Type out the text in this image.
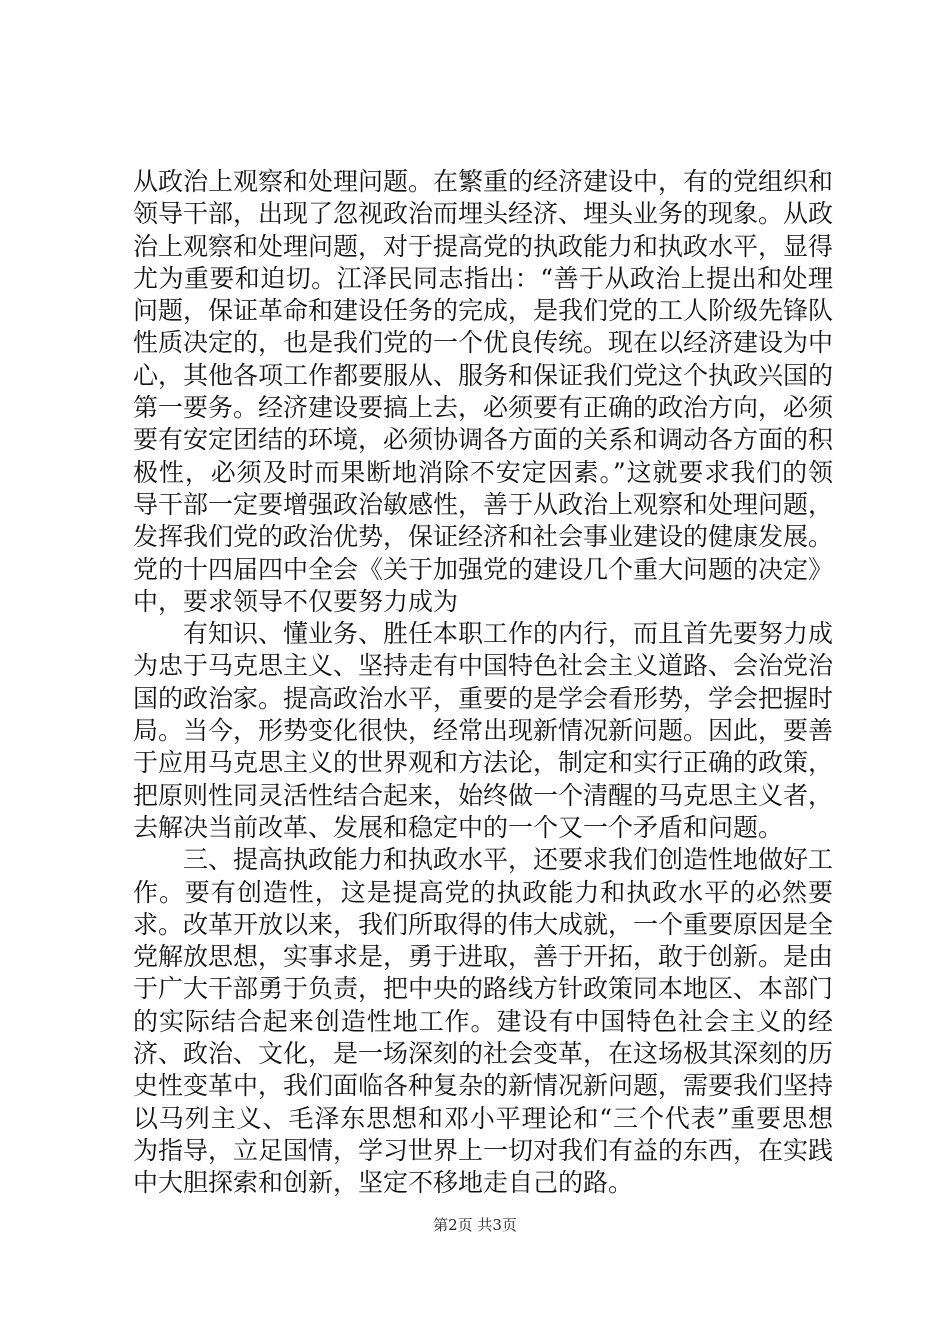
从政治上观察和处理问题。在繁重的经济建设中，有的党组织和领导干部，出现了忽视政治而埋头经济、埋头业务的现象。从政治上观察和处理问题，对于提高党的执政能力和执政水平，显得尤为重要和迫切。江泽民同志指出：“善于从政治上提出和处理问题，保证革命和建设任务的完成，是我们党的工人阶级先锋队性质决定的，也是我们党的一个优良传统。现在以经济建设为中心，其他各项工作都要服从、服务和保证我们党这个执政兴国的第一要务。经济建设要搞上去，必须要有正确的政治方向，必须要有安定团结的环境，必须协调各方面的关系和调动各方面的积极性，必须及时而果断地消除不安定因素。”这就要求我们的领导干部一定要增强政治敏感性，善于从政治上观察和处理问题，发挥我们党的政治优势，保证经济和社会事业建设的健康发展。党的十四届四中全会《关于加强党的建设几个重大问题的决定》中，要求领导不仅要努力成为

有知识、懂业务、胜任本职工作的内行，而且首先要努力成为忠于马克思主义、坚持走有中国特色社会主义道路、会治党治国的政治家。提高政治水平，重要的是学会看形势，学会把握时局。当今，形势变化很快，经常出现新情况新问题。因此，要善于应用马克思主义的世界观和方法论，制定和实行正确的政策，把原则性同灵活性结合起来，始终做一个清醒的马克思主义者，去解决当前改革、发展和稳定中的一个又一个矛盾和问题。

三、提高执政能力和执政水平，还要求我们创造性地做好工作。要有创造性，这是提高党的执政能力和执政水平的必然要求。改革开放以来，我们所取得的伟大成就，一个重要原因是全党解放思想，实事求是，勇于进取，善于开拓，敢于创新。是由于广大干部勇于负责，把中央的路线方针政策同本地区、本部门的实际结合起来创造性地工作。建设有中国特色社会主义的经济、政治、文化，是一场深刻的社会变革，在这场极其深刻的历史性变革中，我们面临各种复杂的新情况新问题，需要我们坚持以马列主义、毛泽东思想和邓小平理论和“三个代表”重要思想为指导，立足国情，学习世界上一切对我们有益的东西，在实践中大胆探索和创新，坚定不移地走自己的路。

第2页 共3页
